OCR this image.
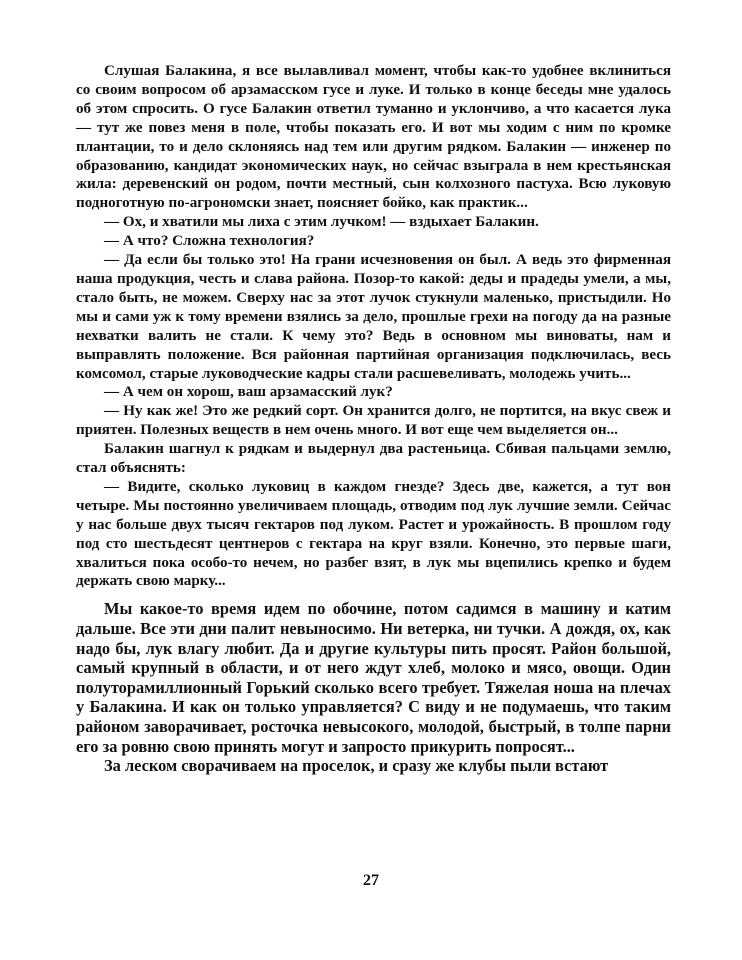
Слушая Балакина, я все вылавливал момент, чтобы как-то удобнее вклиниться со своим вопросом об арзамасском гусе и луке. И только в конце беседы мне удалось об этом спросить. О гусе Балакин ответил туманно и уклончиво, а что касается лука — тут же повез меня в поле, чтобы показать его. И вот мы ходим с ним по кромке плантации, то и дело склоняясь над тем или другим рядком. Балакин — инженер по образованию, кандидат экономических наук, но сейчас взыграла в нем крестьянская жила: деревенский он родом, почти местный, сын колхозного пастуха. Всю луковую подноготную по-агрономски знает, поясняет бойко, как практик...

— Ох, и хватили мы лиха с этим лучком! — вздыхает Балакин.

— А что? Сложна технология?

— Да если бы только это! На грани исчезновения он был. А ведь это фирменная наша продукция, честь и слава района. Позор-то какой: деды и прадеды умели, а мы, стало быть, не можем. Сверху нас за этот лучок стукнули маленько, пристыдили. Но мы и сами уж к тому времени взялись за дело, прошлые грехи на погоду да на разные нехватки валить не стали. К чему это? Ведь в основном мы виноваты, нам и выправлять положение. Вся районная партийная организация подключилась, весь комсомол, старые луководческие кадры стали расшевеливать, молодежь учить...

— А чем он хорош, ваш арзамасский лук?

— Ну как же! Это же редкий сорт. Он хранится долго, не портится, на вкус свеж и приятен. Полезных веществ в нем очень много. И вот еще чем выделяется он...

Балакин шагнул к рядкам и выдернул два растеньица. Сбивая пальцами землю, стал объяснять:

— Видите, сколько луковиц в каждом гнезде? Здесь две, кажется, а тут вон четыре. Мы постоянно увеличиваем площадь, отводим под лук лучшие земли. Сейчас у нас больше двух тысяч гектаров под луком. Растет и урожайность. В прошлом году под сто шестьдесят центнеров с гектара на круг взяли. Конечно, это первые шаги, хвалиться пока особо-то нечем, но разбег взят, в лук мы вцепились крепко и будем держать свою марку...

Мы какое-то время идем по обочине, потом садимся в машину и катим дальше. Все эти дни палит невыносимо. Ни ветерка, ни тучки. А дождя, ох, как надо бы, лук влагу любит. Да и другие культуры пить просят. Район большой, самый крупный в области, и от него ждут хлеб, молоко и мясо, овощи. Один полуторамиллионный Горький сколько всего требует. Тяжелая ноша на плечах у Балакина. И как он только управляется? С виду и не подумаешь, что таким районом заворачивает, росточка невысокого, молодой, быстрый, в толпе парни его за ровню свою принять могут и запросто прикурить попросят...

За леском сворачиваем на проселок, и сразу же клубы пыли встают

27
